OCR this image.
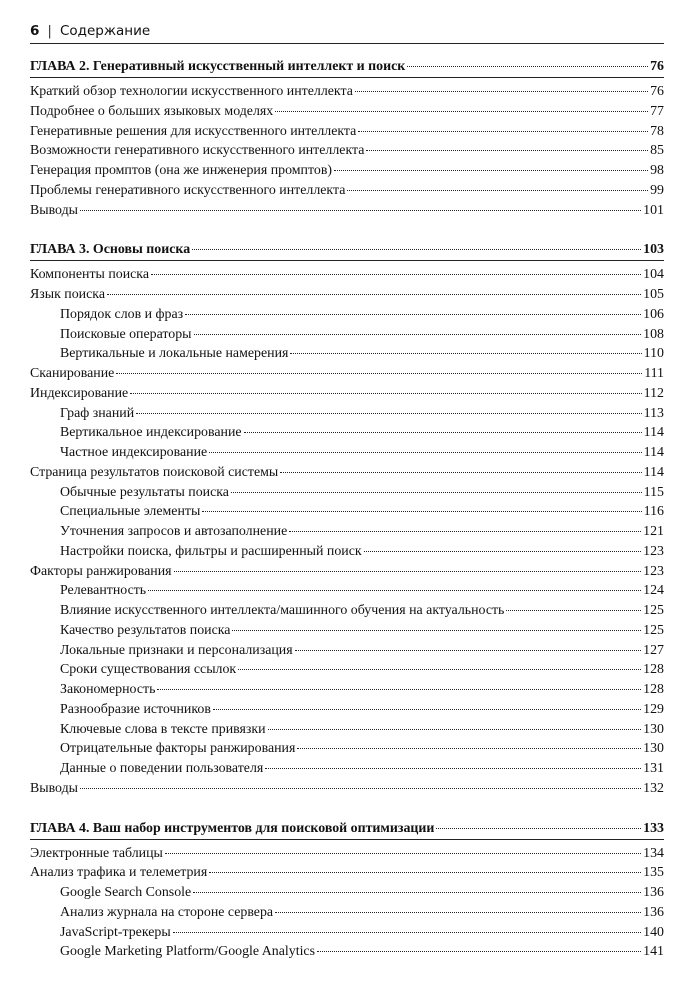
6 | Содержание
ГЛАВА 2. Генеративный искусственный интеллект и поиск	76
Краткий обзор технологии искусственного интеллекта	76
Подробнее о больших языковых моделях	77
Генеративные решения для искусственного интеллекта	78
Возможности генеративного искусственного интеллекта	85
Генерация промптов (она же инженерия промптов)	98
Проблемы генеративного искусственного интеллекта	99
Выводы	101
ГЛАВА 3. Основы поиска	103
Компоненты поиска	104
Язык поиска	105
Порядок слов и фраз	106
Поисковые операторы	108
Вертикальные и локальные намерения	110
Сканирование	111
Индексирование	112
Граф знаний	113
Вертикальное индексирование	114
Частное индексирование	114
Страница результатов поисковой системы	114
Обычные результаты поиска	115
Специальные элементы	116
Уточнения запросов и автозаполнение	121
Настройки поиска, фильтры и расширенный поиск	123
Факторы ранжирования	123
Релевантность	124
Влияние искусственного интеллекта/машинного обучения на актуальность	125
Качество результатов поиска	125
Локальные признаки и персонализация	127
Сроки существования ссылок	128
Закономерность	128
Разнообразие источников	129
Ключевые слова в тексте привязки	130
Отрицательные факторы ранжирования	130
Данные о поведении пользователя	131
Выводы	132
ГЛАВА 4. Ваш набор инструментов для поисковой оптимизации	133
Электронные таблицы	134
Анализ трафика и телеметрия	135
Google Search Console	136
Анализ журнала на стороне сервера	136
JavaScript-трекеры	140
Google Marketing Platform/Google Analytics	141
